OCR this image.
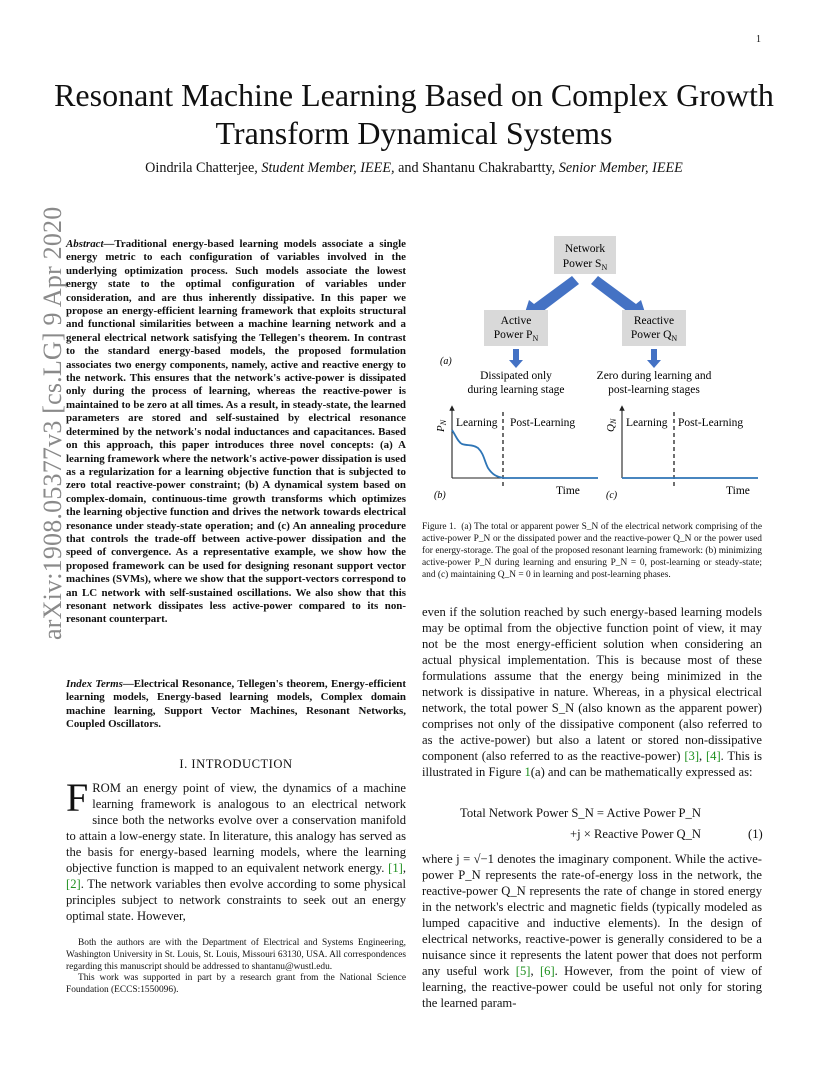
1
Resonant Machine Learning Based on Complex Growth Transform Dynamical Systems
Oindrila Chatterjee, Student Member, IEEE, and Shantanu Chakrabartty, Senior Member, IEEE
arXiv:1908.05377v3 [cs.LG] 9 Apr 2020 Abstract—Traditional energy-based learning models associate a single energy metric to each configuration of variables involved in the underlying optimization process. Such models associate the lowest energy state to the optimal configuration of variables under consideration, and are thus inherently dissipative. In this paper we propose an energy-efficient learning framework that exploits structural and functional similarities between a machine learning network and a general electrical network satisfying the Tellegen's theorem. In contrast to the standard energy-based models, the proposed formulation associates two energy components, namely, active and reactive energy to the network. This ensures that the network's active-power is dissipated only during the process of learning, whereas the reactive-power is maintained to be zero at all times. As a result, in steady-state, the learned parameters are stored and self-sustained by electrical resonance determined by the network's nodal inductances and capacitances. Based on this approach, this paper introduces three novel concepts: (a) A learning framework where the network's active-power dissipation is used as a regularization for a learning objective function that is subjected to zero total reactive-power constraint; (b) A dynamical system based on complex-domain, continuous-time growth transforms which optimizes the learning objective function and drives the network towards electrical resonance under steady-state operation; and (c) An annealing procedure that controls the trade-off between active-power dissipation and the speed of convergence. As a representative example, we show how the proposed framework can be used for designing resonant support vector machines (SVMs), where we show that the support-vectors correspond to an LC network with self-sustained oscillations. We also show that this resonant network dissipates less active-power compared to its non-resonant counterpart.
Index Terms—Electrical Resonance, Tellegen's theorem, Energy-efficient learning models, Energy-based learning models, Complex domain machine learning, Support Vector Machines, Resonant Networks, Coupled Oscillators.
I. INTRODUCTION
FROM an energy point of view, the dynamics of a machine learning framework is analogous to an electrical network since both the networks evolve over a conservation manifold to attain a low-energy state. In literature, this analogy has served as the basis for energy-based learning models, where the learning objective function is mapped to an equivalent network energy. [1], [2]. The network variables then evolve according to some physical principles subject to network constraints to seek out an energy optimal state. However,

Both the authors are with the Department of Electrical and Systems Engineering, Washington University in St. Louis, St. Louis, Missouri 63130, USA. All correspondences regarding this manuscript should be addressed to shantanu@wustl.edu.

This work was supported in part by a research grant from the National Science Foundation (ECCS:1550096).

Network
Power $S_N$
Active
Power $P_N$
Reactive
Power $Q_N$
(a)
Dissipated only
during learning stage
Zero during learning and
post-learning stages
PN Learning Post-Learning
Time
(b)
QN Learning Post-Learning
Time
(c)
Figure 1. (a) The total or apparent power S_N of the electrical network comprising of the active-power P_N or the dissipated power and the reactive-power Q_N or the power used for energy-storage. The goal of the proposed resonant learning framework: (b) minimizing active-power P_N during learning and ensuring P_N = 0, post-learning or steady-state; and (c) maintaining Q_N = 0 in learning and post-learning phases.
even if the solution reached by such energy-based learning models may be optimal from the objective function point of view, it may not be the most energy-efficient solution when considering an actual physical implementation. This is because most of these formulations assume that the energy being minimized in the network is dissipative in nature. Whereas, in a physical electrical network, the total power S_N (also known as the apparent power) comprises not only of the dissipative component (also referred to as the active-power) but also a latent or stored non-dissipative component (also referred to as the reactive-power) [3], [4]. This is illustrated in Figure 1(a) and can be mathematically expressed as:
Total Network Power S_N = Active Power P_N
+j × Reactive Power Q_N	(1)
where j = √−1 denotes the imaginary component. While the active-power P_N represents the rate-of-energy loss in the network, the reactive-power Q_N represents the rate of change in stored energy in the network's electric and magnetic fields (typically modeled as lumped capacitive and inductive elements). In the design of electrical networks, reactive-power is generally considered to be a nuisance since it represents the latent power that does not perform any useful work [5], [6]. However, from the point of view of learning, the reactive-power could be useful not only for storing the learned param-
